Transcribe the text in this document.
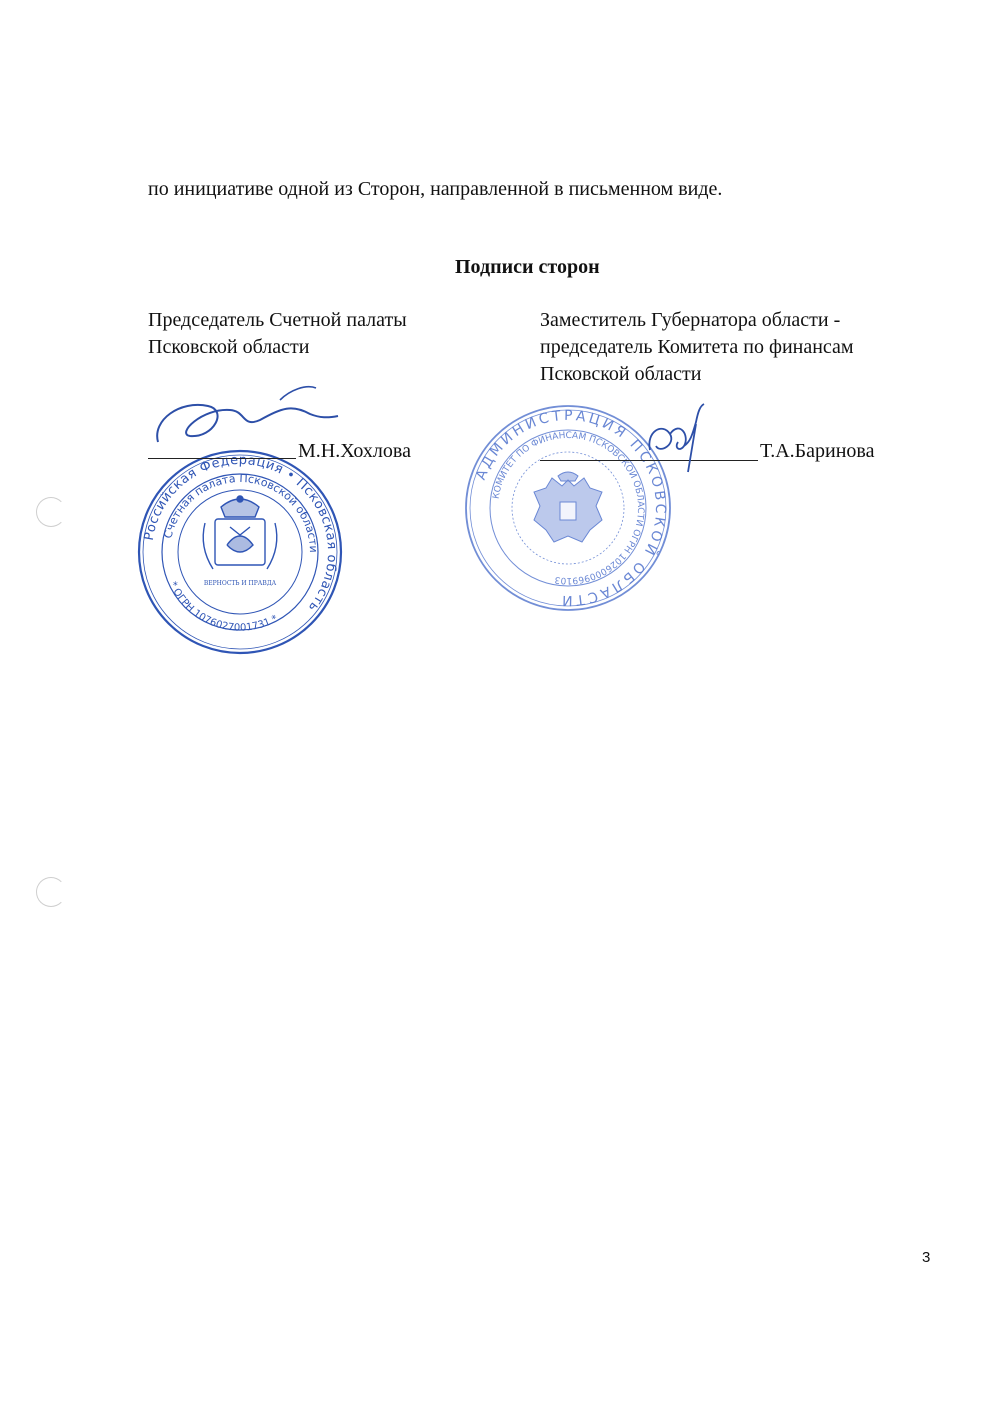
по инициативе одной из Сторон, направленной в письменном виде.
Подписи сторон
Председатель Счетной палаты
Псковской области
Заместитель Губернатора области -
председатель Комитета по финансам
Псковской области
Российская Федерация • Псковская область
Счетная палата Псковской области
* ОГРН 1076027001731 *
ВЕРНОСТЬ И ПРАВДА
М.Н.Хохлова
АДМИНИСТРАЦИЯ ПСКОВСКОЙ ОБЛАСТИ
КОМИТЕТ ПО ФИНАНСАМ ПСКОВСКОЙ ОБЛАСТИ ОГРН 1026000969103
Т.А.Баринова
3
